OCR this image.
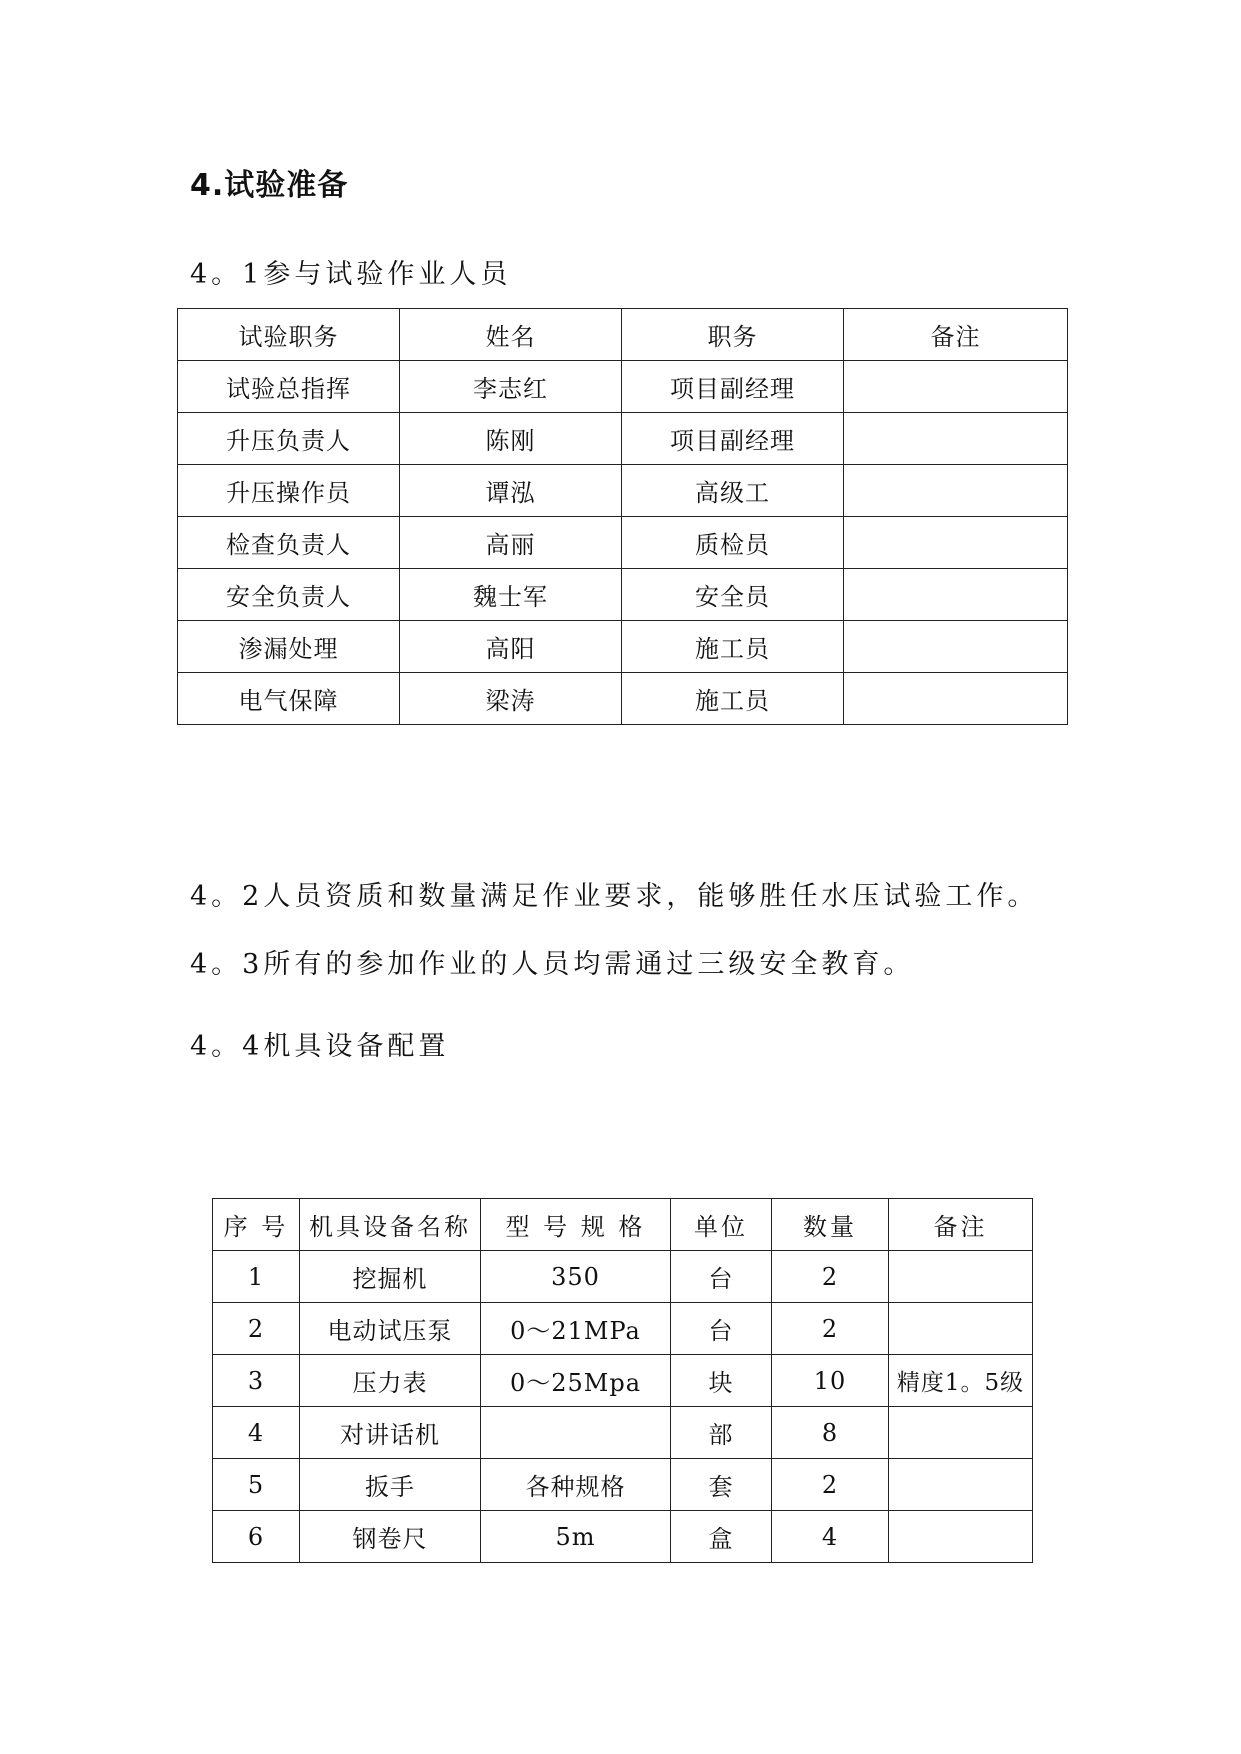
4.试验准备
4。1参与试验作业人员
试验职务	姓名	职务	备注
试验总指挥	李志红	项目副经理	
升压负责人	陈刚	项目副经理	
升压操作员	谭泓	高级工	
检查负责人	高丽	质检员	
安全负责人	魏士军	安全员	
渗漏处理	高阳	施工员	
电气保障	梁涛	施工员	
4。2人员资质和数量满足作业要求，能够胜任水压试验工作。
4。3所有的参加作业的人员均需通过三级安全教育。
4。4机具设备配置
序 号	机具设备名称	型 号 规 格	单位	数量	备注
1	挖掘机	350	台	2	
2	电动试压泵	0～21MPa	台	2	
3	压力表	0～25Mpa	块	10	精度1。5级
4	对讲话机		部	8	
5	扳手	各种规格	套	2	
6	钢卷尺	5m	盒	4	
